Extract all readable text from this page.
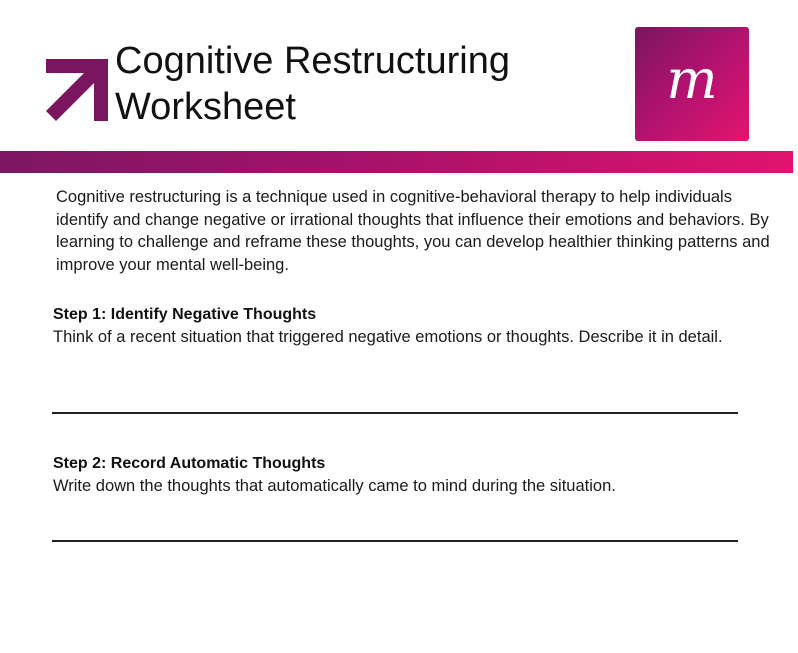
Cognitive Restructuring
Worksheet	m

Cognitive restructuring is a technique used in cognitive-behavioral therapy to help individuals identify and change negative or irrational thoughts that influence their emotions and behaviors. By learning to challenge and reframe these thoughts, you can develop healthier thinking patterns and improve your mental well-being.

Step 1: Identify Negative Thoughts

Think of a recent situation that triggered negative emotions or thoughts. Describe it in detail.

Step 2: Record Automatic Thoughts

Write down the thoughts that automatically came to mind during the situation.
